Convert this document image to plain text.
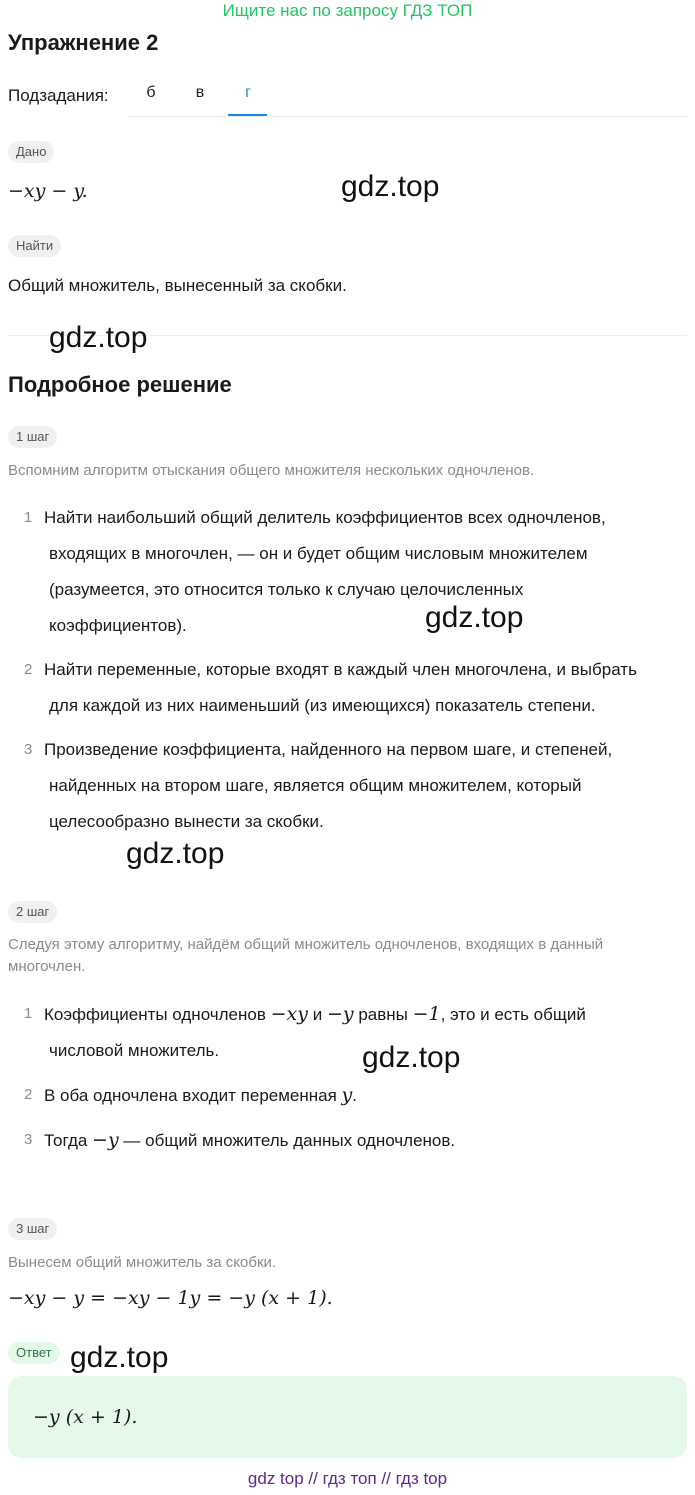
Ищите нас по запросу ГДЗ ТОП
Упражнение 2
Подзадания:	б	в	г
Дано
−xy − y.	gdz.top
Найти
Общий множитель, вынесенный за скобки.
gdz.top
Подробное решение
1 шаг
Вспомним алгоритм отыскания общего множителя нескольких одночленов.
1 Найти наибольший общий делитель коэффициентов всех одночленов,
входящих в многочлен, — он и будет общим числовым множителем
(разумеется, это относится только к случаю целочисленных
коэффициентов).	gdz.top
2 Найти переменные, которые входят в каждый член многочлена, и выбрать
для каждой из них наименьший (из имеющихся) показатель степени.
3 Произведение коэффициента, найденного на первом шаге, и степеней,
найденных на втором шаге, является общим множителем, который
целесообразно вынести за скобки.
gdz.top
2 шаг
Следуя этому алгоритму, найдём общий множитель одночленов, входящих в данный многочлен.
1 Коэффициенты одночленов −xy и −y равны −1, это и есть общий
числовой множитель.	gdz.top
2 В оба одночлена входит переменная y.
3 Тогда −y — общий множитель данных одночленов.
3 шаг
Вынесем общий множитель за скобки.
−xy − y = −xy − 1y = −y (x + 1).
Ответ gdz.top
−y (x + 1).
gdz top // гдз топ // гдз top
